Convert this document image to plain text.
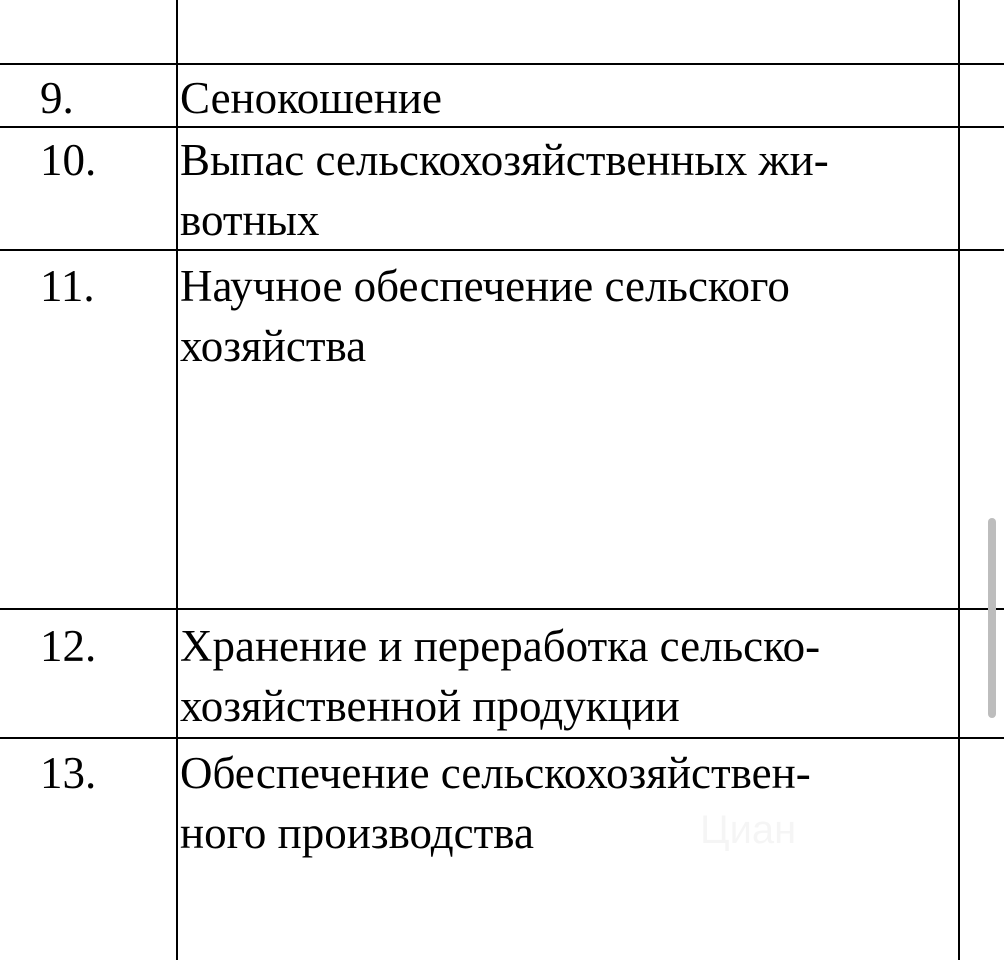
9. Сенокошение
10. Выпас сельскохозяйственных жи-
вотных
11. Научное обеспечение сельского
хозяйства
12. Хранение и переработка сельско-
хозяйственной продукции
13. Обеспечение сельскохозяйствен-
ного производства
